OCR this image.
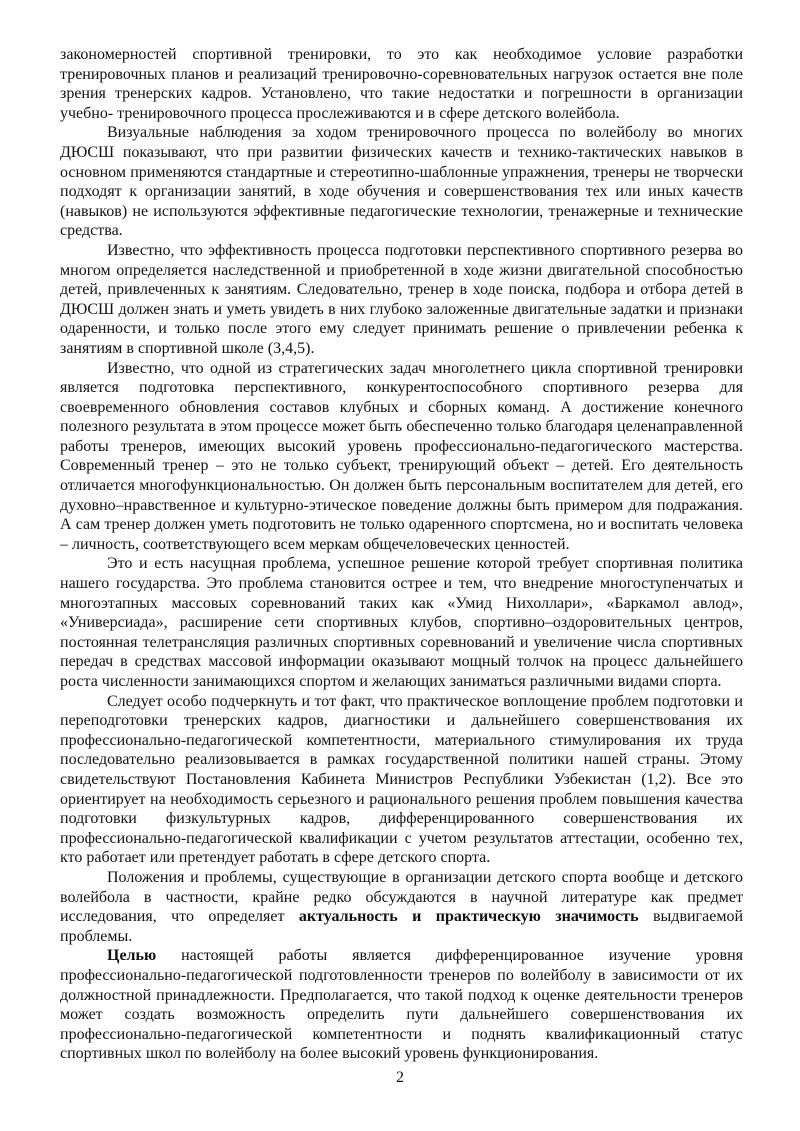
закономерностей спортивной тренировки, то это как необходимое условие разработки тренировочных планов и реализаций тренировочно-соревновательных нагрузок остается вне поле зрения тренерских кадров. Установлено, что такие недостатки и погрешности в организации учебно- тренировочного процесса прослеживаются и в сфере детского волейбола.

Визуальные наблюдения за ходом тренировочного процесса по волейболу во многих ДЮСШ показывают, что при развитии физических качеств и технико-тактических навыков в основном применяются стандартные и стереотипно-шаблонные упражнения, тренеры не творчески подходят к организации занятий, в ходе обучения и совершенствования тех или иных качеств (навыков) не используются эффективные педагогические технологии, тренажерные и технические средства.

Известно, что эффективность процесса подготовки перспективного спортивного резерва во многом определяется наследственной и приобретенной в ходе жизни двигательной способностью детей, привлеченных к занятиям. Следовательно, тренер в ходе поиска, подбора и отбора детей в ДЮСШ должен знать и уметь увидеть в них глубоко заложенные двигательные задатки и признаки одаренности, и только после этого ему следует принимать решение о привлечении ребенка к занятиям в спортивной школе (3,4,5).

Известно, что одной из стратегических задач многолетнего цикла спортивной тренировки является подготовка перспективного, конкурентоспособного спортивного резерва для своевременного обновления составов клубных и сборных команд. А достижение конечного полезного результата в этом процессе может быть обеспеченно только благодаря целенаправленной работы тренеров, имеющих высокий уровень профессионально-педагогического мастерства. Современный тренер – это не только субъект, тренирующий объект – детей. Его деятельность отличается многофункциональностью. Он должен быть персональным воспитателем для детей, его духовно–нравственное и культурно-этическое поведение должны быть примером для подражания. А сам тренер должен уметь подготовить не только одаренного спортсмена, но и воспитать человека – личность, соответствующего всем меркам общечеловеческих ценностей.

Это и есть насущная проблема, успешное решение которой требует спортивная политика нашего государства. Это проблема становится острее и тем, что внедрение многоступенчатых и многоэтапных массовых соревнований таких как «Умид Нихоллари», «Баркамол авлод», «Универсиада», расширение сети спортивных клубов, спортивно–оздоровительных центров, постоянная телетрансляция различных спортивных соревнований и увеличение числа спортивных передач в средствах массовой информации оказывают мощный толчок на процесс дальнейшего роста численности занимающихся спортом и желающих заниматься различными видами спорта.

Следует особо подчеркнуть и тот факт, что практическое воплощение проблем подготовки и переподготовки тренерских кадров, диагностики и дальнейшего совершенствования их профессионально-педагогической компетентности, материального стимулирования их труда последовательно реализовывается в рамках государственной политики нашей страны. Этому свидетельствуют Постановления Кабинета Министров Республики Узбекистан (1,2). Все это ориентирует на необходимость серьезного и рационального решения проблем повышения качества подготовки физкультурных кадров, дифференцированного совершенствования их профессионально-педагогической квалификации с учетом результатов аттестации, особенно тех, кто работает или претендует работать в сфере детского спорта.

Положения и проблемы, существующие в организации детского спорта вообще и детского волейбола в частности, крайне редко обсуждаются в научной литературе как предмет исследования, что определяет актуальность и практическую значимость выдвигаемой проблемы.

Целью настоящей работы является дифференцированное изучение уровня профессионально-педагогической подготовленности тренеров по волейболу в зависимости от их должностной принадлежности. Предполагается, что такой подход к оценке деятельности тренеров может создать возможность определить пути дальнейшего совершенствования их профессионально-педагогической компетентности и поднять квалификационный статус спортивных школ по волейболу на более высокий уровень функционирования.

2
